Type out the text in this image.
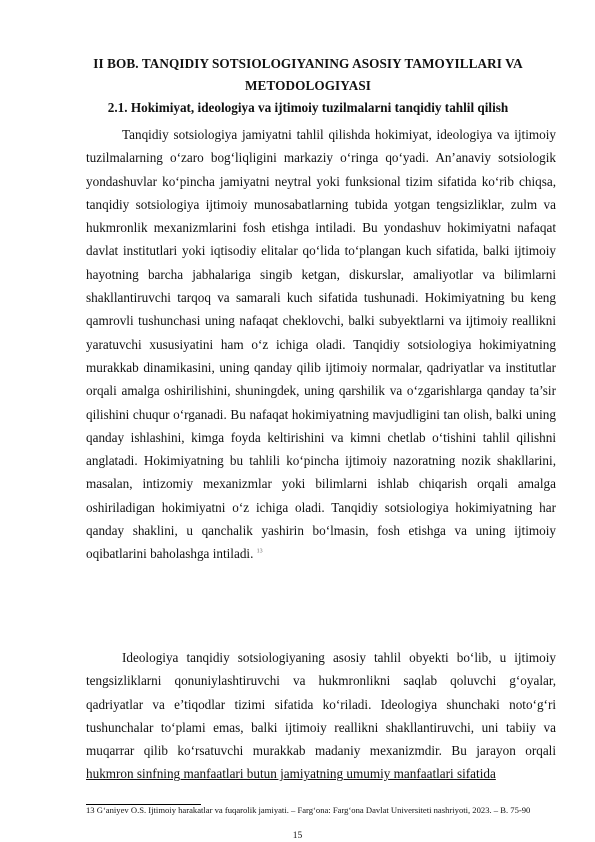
II BOB. TANQIDIY SOTSIOLOGIYANING ASOSIY TAMOYILLARI VA METODOLOGIYASI
2.1. Hokimiyat, ideologiya va ijtimoiy tuzilmalarni tanqidiy tahlil qilish

Tanqidiy sotsiologiya jamiyatni tahlil qilishda hokimiyat, ideologiya va ijtimoiy tuzilmalarning o‘zaro bog‘liqligini markaziy o‘ringa qo‘yadi. An’anaviy sotsiologik yondashuvlar ko‘pincha jamiyatni neytral yoki funksional tizim sifatida ko‘rib chiqsa, tanqidiy sotsiologiya ijtimoiy munosabatlarning tubida yotgan tengsizliklar, zulm va hukmronlik mexanizmlarini fosh etishga intiladi. Bu yondashuv hokimiyatni nafaqat davlat institutlari yoki iqtisodiy elitalar qo‘lida to‘plangan kuch sifatida, balki ijtimoiy hayotning barcha jabhalariga singib ketgan, diskurslar, amaliyotlar va bilimlarni shakllantiruvchi tarqoq va samarali kuch sifatida tushunadi. Hokimiyatning bu keng qamrovli tushunchasi uning nafaqat cheklovchi, balki subyektlarni va ijtimoiy reallikni yaratuvchi xususiyatini ham o‘z ichiga oladi. Tanqidiy sotsiologiya hokimiyatning murakkab dinamikasini, uning qanday qilib ijtimoiy normalar, qadriyatlar va institutlar orqali amalga oshirilishini, shuningdek, uning qarshilik va o‘zgarishlarga qanday ta’sir qilishini chuqur o‘rganadi. Bu nafaqat hokimiyatning mavjudligini tan olish, balki uning qanday ishlashini, kimga foyda keltirishini va kimni chetlab o‘tishini tahlil qilishni anglatadi. Hokimiyatning bu tahlili ko‘pincha ijtimoiy nazoratning nozik shakllarini, masalan, intizomiy mexanizmlar yoki bilimlarni ishlab chiqarish orqali amalga oshiriladigan hokimiyatni o‘z ichiga oladi. Tanqidiy sotsiologiya hokimiyatning har qanday shaklini, u qanchalik yashirin bo‘lmasin, fosh etishga va uning ijtimoiy oqibatlarini baholashga intiladi. $^{13}$

Ideologiya tanqidiy sotsiologiyaning asosiy tahlil obyekti bo‘lib, u ijtimoiy tengsizliklarni qonuniylashtiruvchi va hukmronlikni saqlab qoluvchi g‘oyalar, qadriyatlar va e’tiqodlar tizimi sifatida ko‘riladi. Ideologiya shunchaki noto‘g‘ri tushunchalar to‘plami emas, balki ijtimoiy reallikni shakllantiruvchi, uni tabiiy va muqarrar qilib ko‘rsatuvchi murakkab madaniy mexanizmdir. Bu jarayon orqali hukmron sinfning manfaatlari butun jamiyatning umumiy manfaatlari sifatida

13 G‘aniyev O.S. Ijtimoiy harakatlar va fuqarolik jamiyati. – Farg‘ona: Farg‘ona Davlat Universiteti nashriyoti, 2023. – B. 75-90
15
